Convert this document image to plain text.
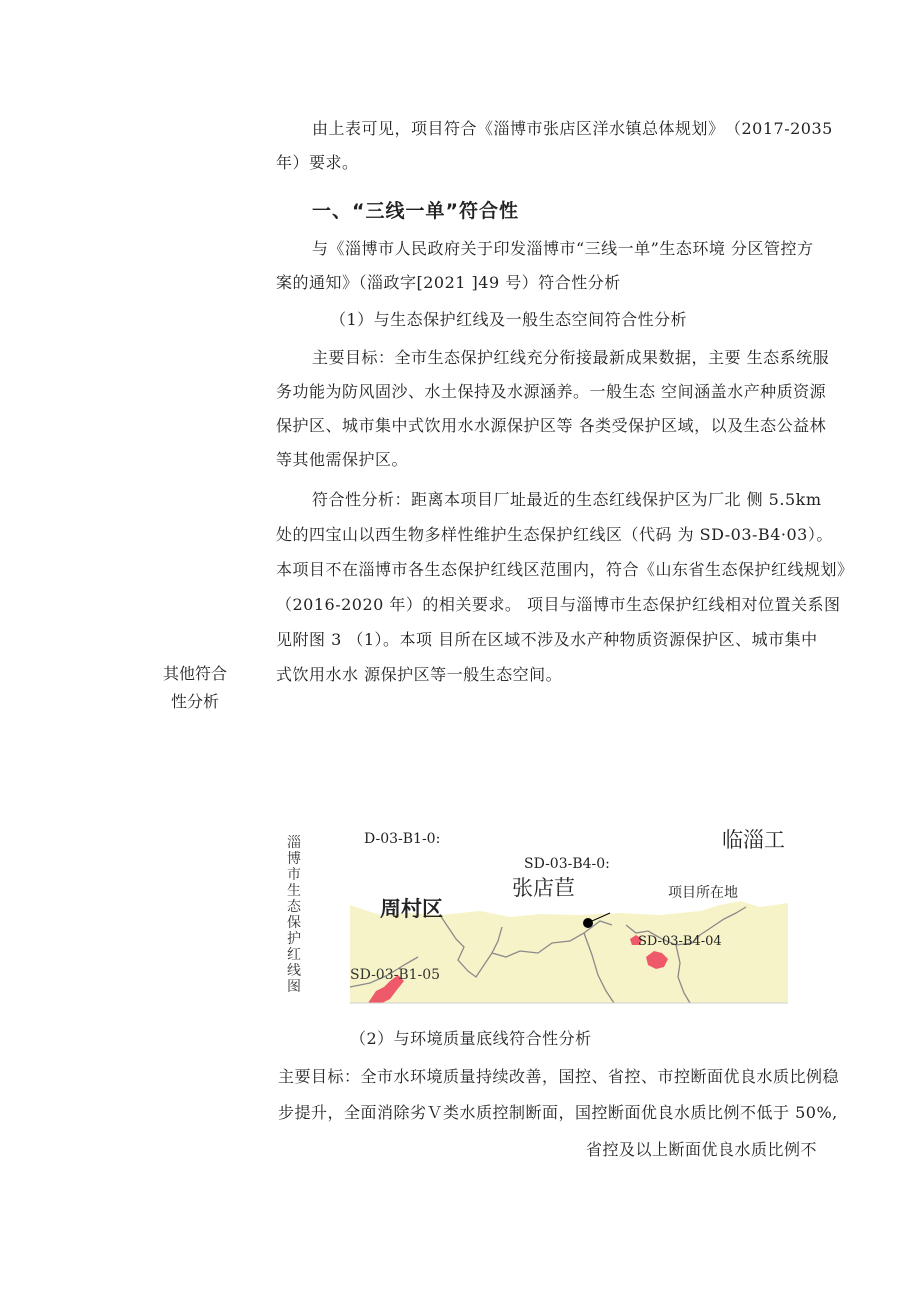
由上表可见，项目符合《淄博市张店区洋水镇总体规划》　（2017-2035
年）要求。
一、“三线一单”符合性
与《淄博市人民政府关于印发淄博市“三线一单”生态环境 分区管控方
案的通知》（淄政字[2021 ]49 号）符合性分析
（1）与生态保护红线及一般生态空间符合性分析
主要目标：全市生态保护红线充分衔接最新成果数据，主要 生态系统服
务功能为防风固沙、水土保持及水源涵养。一般生态 空间涵盖水产种质资源
保护区、城市集中式饮用水水源保护区等 各类受保护区域，以及生态公益林
等其他需保护区。
符合性分析：距离本项目厂址最近的生态红线保护区为厂北 侧 5.5km
处的四宝山以西生物多样性维护生态保护红线区（代码 为 SD-03-B4·03）。
本项目不在淄博市各生态保护红线区范围内，符合《山东省生态保护红线规划》
（2016-2020 年）的相关要求。 项目与淄博市生态保护红线相对位置关系图
见附图 3 （1）。本项 目所在区域不涉及水产种物质资源保护区、城市集中
式饮用水水 源保护区等一般生态空间。
其他符合
性分析
淄
博
市
生
态
保
护
红
线
图
D-03-B1-0:	临淄工
SD-03-B4-0:
张店苣	项目所在地
周村区
SD-03-B4-04
SD-03-B1-05
（2）与环境质量底线符合性分析
主要目标：全市水环境质量持续改善，国控、省控、市控断面优良水质比例稳
步提升，全面消除劣Ｖ类水质控制断面，国控断面优良水质比例不低于 50%,
省控及以上断面优良水质比例不
